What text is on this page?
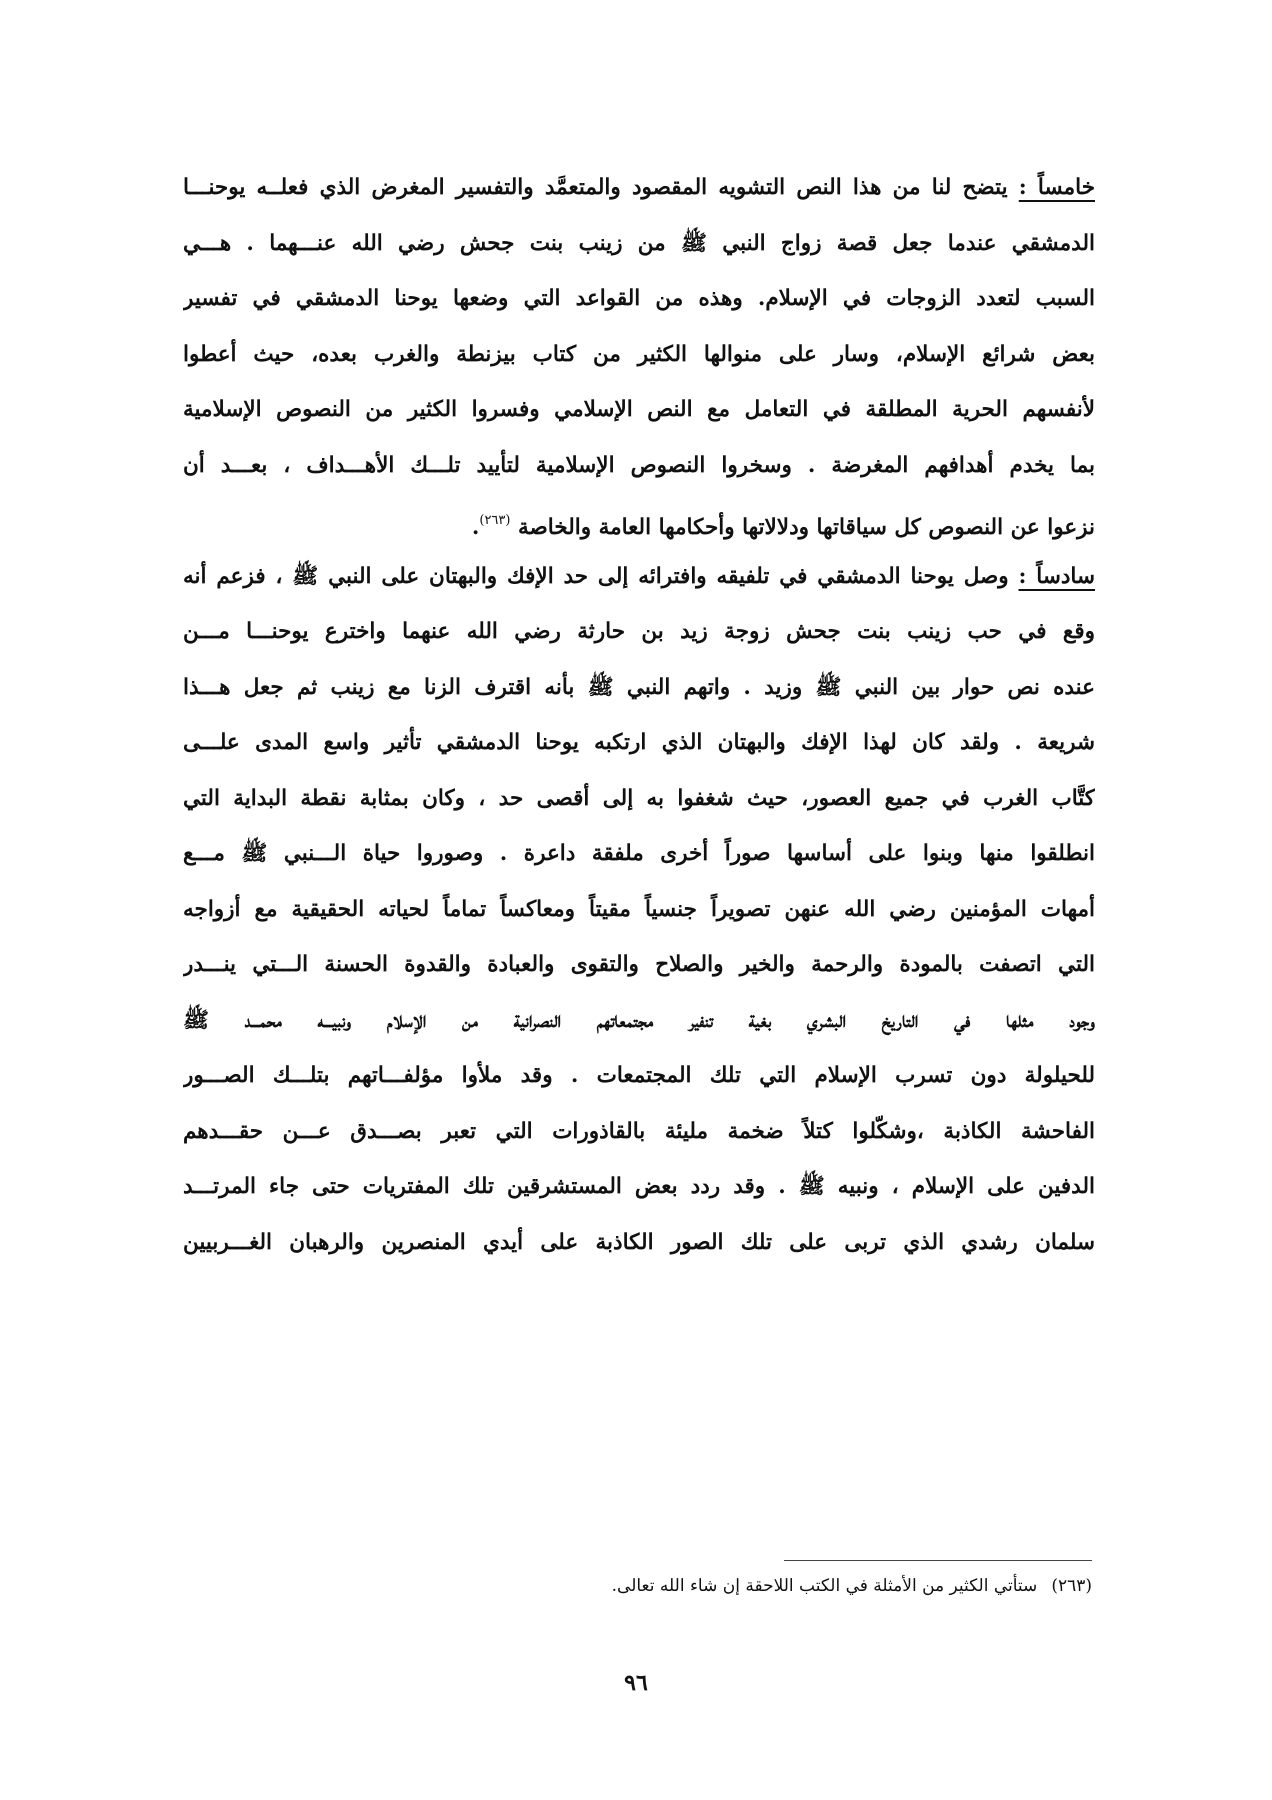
خامساً : يتضح لنا من هذا النص التشويه المقصود والمتعمَّد والتفسير المغرض الذي فعلــه يوحنـــا
الدمشقي عندما جعل قصة زواج النبي ﷺ من زينب بنت جحش رضي الله عنـــهما . هـــي
السبب لتعدد الزوجات في الإسلام. وهذه من القواعد التي وضعها يوحنا الدمشقي في تفسير
بعض شرائع الإسلام، وسار على منوالها الكثير من كتاب بيزنطة والغرب بعده، حيث أعطوا
لأنفسهم الحرية المطلقة في التعامل مع النص الإسلامي وفسروا الكثير من النصوص الإسلامية
بما يخدم أهدافهم المغرضة . وسخروا النصوص الإسلامية لتأييد تلـــك الأهـــداف ، بعـــد أن
نزعوا عن النصوص كل سياقاتها ودلالاتها وأحكامها العامة والخاصة $^{(٢٦٣)}$.
سادساً : وصل يوحنا الدمشقي في تلفيقه وافترائه إلى حد الإفك والبهتان على النبي ﷺ ، فزعم أنه
وقع في حب زينب بنت جحش زوجة زيد بن حارثة رضي الله عنهما واخترع يوحنـــا مـــن
عنده نص حوار بين النبي ﷺ وزيد . واتهم النبي ﷺ بأنه اقترف الزنا مع زينب ثم جعل هـــذا
شريعة . ولقد كان لهذا الإفك والبهتان الذي ارتكبه يوحنا الدمشقي تأثير واسع المدى علـــى
كتَّاب الغرب في جميع العصور، حيث شغفوا به إلى أقصى حد ، وكان بمثابة نقطة البداية التي
انطلقوا منها وبنوا على أساسها صوراً أخرى ملفقة داعرة . وصوروا حياة الـــنبي ﷺ مـــع
أمهات المؤمنين رضي الله عنهن تصويراً جنسياً مقيتاً ومعاكساً تماماً لحياته الحقيقية مع أزواجه
التي اتصفت بالمودة والرحمة والخير والصلاح والتقوى والعبادة والقدوة الحسنة الـــتي ينـــدر
وجود مثلها في التاريخ البشري بغية تنفير مجتمعاتهم النصرانية من الإسلام ونبيـــه محمـــد ﷺ
للحيلولة دون تسرب الإسلام التي تلك المجتمعات . وقد ملأوا مؤلفـــاتهم بتلـــك الصـــور
الفاحشة الكاذبة ،وشكّلوا كتلاً ضخمة مليئة بالقاذورات التي تعبر بصـــدق عـــن حقـــدهم
الدفين على الإسلام ، ونبيه ﷺ . وقد ردد بعض المستشرقين تلك المفتريات حتى جاء المرتـــد
سلمان رشدي الذي تربى على تلك الصور الكاذبة على أيدي المنصرين والرهبان الغـــربيين
(٢٦٣)ستأتي الكثير من الأمثلة في الكتب اللاحقة إن شاء الله تعالى.
٩٦
